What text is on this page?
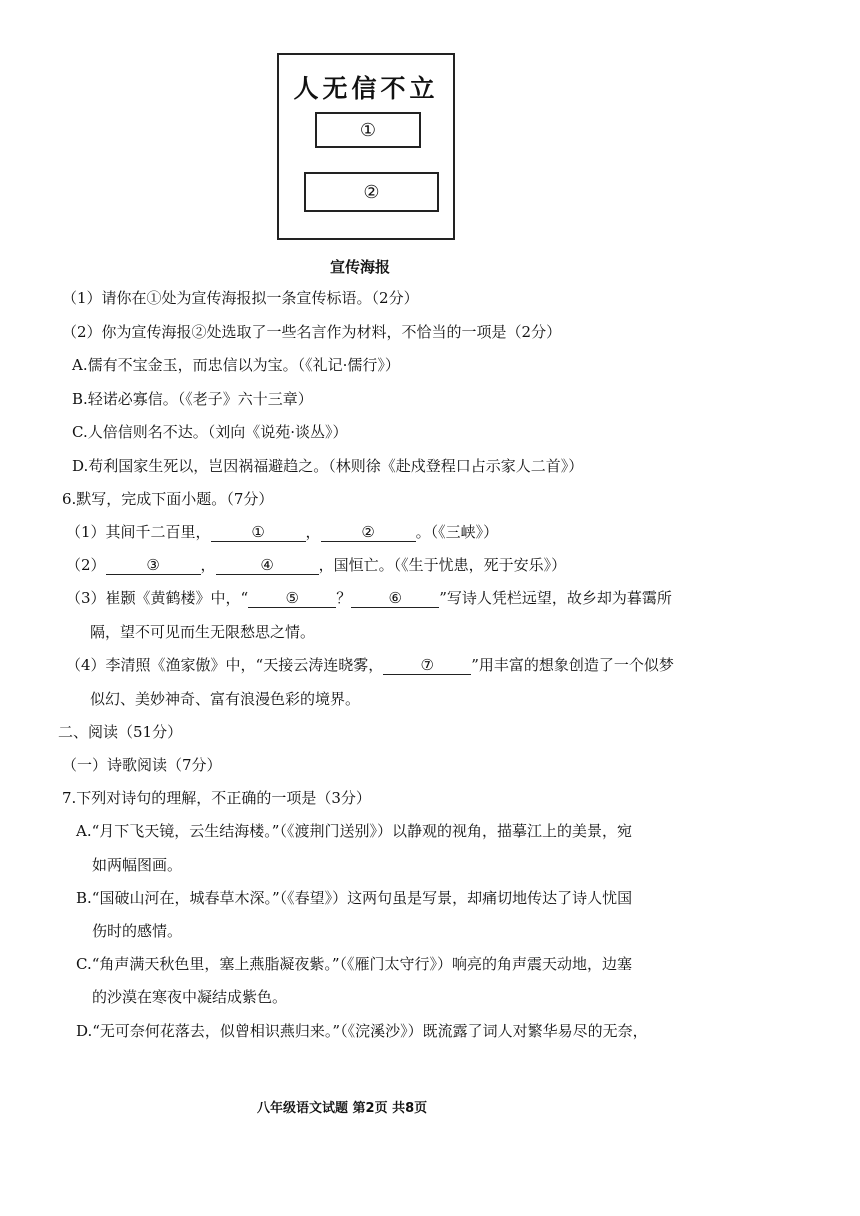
人无信不立
①
②
宣传海报
（1）请你在①处为宣传海报拟一条宣传标语。（2分）
（2）你为宣传海报②处选取了一些名言作为材料，不恰当的一项是（2分）
A.儒有不宝金玉，而忠信以为宝。（《礼记·儒行》）
B.轻诺必寡信。（《老子》六十三章）
C.人倍信则名不达。（刘向《说苑·谈丛》）
D.苟利国家生死以，岂因祸福避趋之。（林则徐《赴戍登程口占示家人二首》）
6.默写，完成下面小题。（7分）
（1）其间千二百里，	①	，	②	。（《三峡》）
（2）	③	，	④	，国恒亡。（《生于忧患，死于安乐》）
（3）崔颢《黄鹤楼》中，“ ⑤ ？ ⑥ ”写诗人凭栏远望，故乡却为暮霭所
隔，望不可见而生无限愁思之情。
（4）李清照《渔家傲》中，“天接云涛连晓雾， ⑦ ”用丰富的想象创造了一个似梦
似幻、美妙神奇、富有浪漫色彩的境界。
二、阅读（51分）
（一）诗歌阅读（7分）
7.下列对诗句的理解，不正确的一项是（3分）
A.“月下飞天镜，云生结海楼。”（《渡荆门送别》）以静观的视角，描摹江上的美景，宛
如两幅图画。
B.“国破山河在，城春草木深。”（《春望》）这两句虽是写景，却痛切地传达了诗人忧国
伤时的感情。
C.“角声满天秋色里，塞上燕脂凝夜紫。”（《雁门太守行》）响亮的角声震天动地，边塞
的沙漠在寒夜中凝结成紫色。
D.“无可奈何花落去，似曾相识燕归来。”（《浣溪沙》）既流露了词人对繁华易尽的无奈，
八年级语文试题 第2页 共8页
